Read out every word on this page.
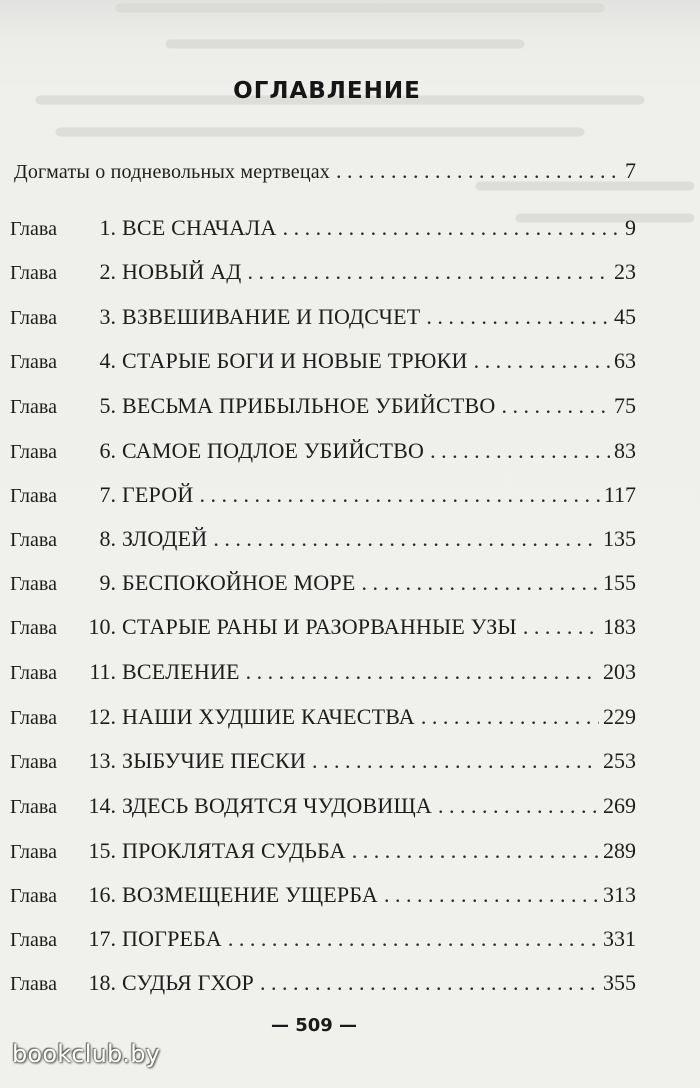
ОГЛАВЛЕНИЕ
Догматы о подневольных мертвецах . . .	7
Глава	1. ВСЕ СНАЧАЛА . . .	9
Глава	2. НОВЫЙ АД . . .	23
Глава	3. ВЗВЕШИВАНИЕ И ПОДСЧЕТ . . .	45
Глава	4. СТАРЫЕ БОГИ И НОВЫЕ ТРЮКИ . . .	63
Глава	5. ВЕСЬМА ПРИБЫЛЬНОЕ УБИЙСТВО . . .	75
Глава	6. САМОЕ ПОДЛОЕ УБИЙСТВО . . .	83
Глава	7. ГЕРОЙ . . .	117
Глава	8. ЗЛОДЕЙ . . .	135
Глава	9. БЕСПОКОЙНОЕ МОРЕ . . .	155
Глава	10. СТАРЫЕ РАНЫ И РАЗОРВАННЫЕ УЗЫ . . .	183
Глава	11. ВСЕЛЕНИЕ . . .	203
Глава	12. НАШИ ХУДШИЕ КАЧЕСТВА . . .	229
Глава	13. ЗЫБУЧИЕ ПЕСКИ . . .	253
Глава	14. ЗДЕСЬ ВОДЯТСЯ ЧУДОВИЩА . . .	269
Глава	15. ПРОКЛЯТАЯ СУДЬБА . . .	289
Глава	16. ВОЗМЕЩЕНИЕ УЩЕРБА . . .	313
Глава	17. ПОГРЕБА . . .	331
Глава	18. СУДЬЯ ГХОР . . .	355
— 509 —
bookclub.by
